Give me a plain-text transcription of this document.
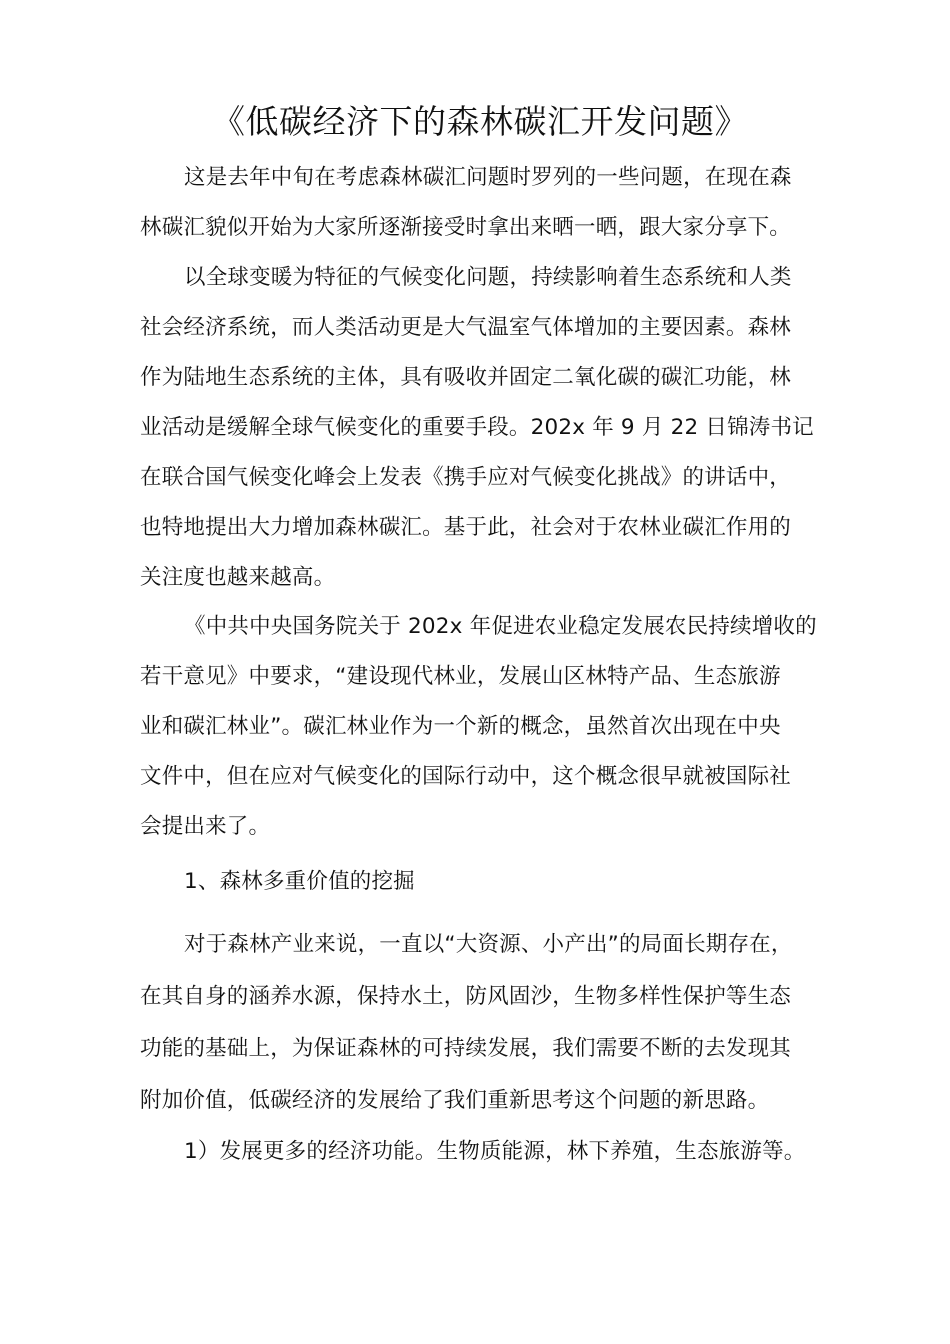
《低碳经济下的森林碳汇开发问题》
这是去年中旬在考虑森林碳汇问题时罗列的一些问题，在现在森
林碳汇貌似开始为大家所逐渐接受时拿出来晒一晒，跟大家分享下。
以全球变暖为特征的气候变化问题，持续影响着生态系统和人类
社会经济系统，而人类活动更是大气温室气体增加的主要因素。森林
作为陆地生态系统的主体，具有吸收并固定二氧化碳的碳汇功能，林
业活动是缓解全球气候变化的重要手段。202x 年 9 月 22 日锦涛书记
在联合国气候变化峰会上发表《携手应对气候变化挑战》的讲话中，
也特地提出大力增加森林碳汇。基于此，社会对于农林业碳汇作用的
关注度也越来越高。
《中共中央国务院关于 202x 年促进农业稳定发展农民持续增收的
若干意见》中要求，“建设现代林业，发展山区林特产品、生态旅游
业和碳汇林业”。碳汇林业作为一个新的概念，虽然首次出现在中央
文件中，但在应对气候变化的国际行动中，这个概念很早就被国际社
会提出来了。
1、森林多重价值的挖掘
对于森林产业来说，一直以“大资源、小产出”的局面长期存在，
在其自身的涵养水源，保持水土，防风固沙，生物多样性保护等生态
功能的基础上，为保证森林的可持续发展，我们需要不断的去发现其
附加价值，低碳经济的发展给了我们重新思考这个问题的新思路。
1）发展更多的经济功能。生物质能源，林下养殖，生态旅游等。
